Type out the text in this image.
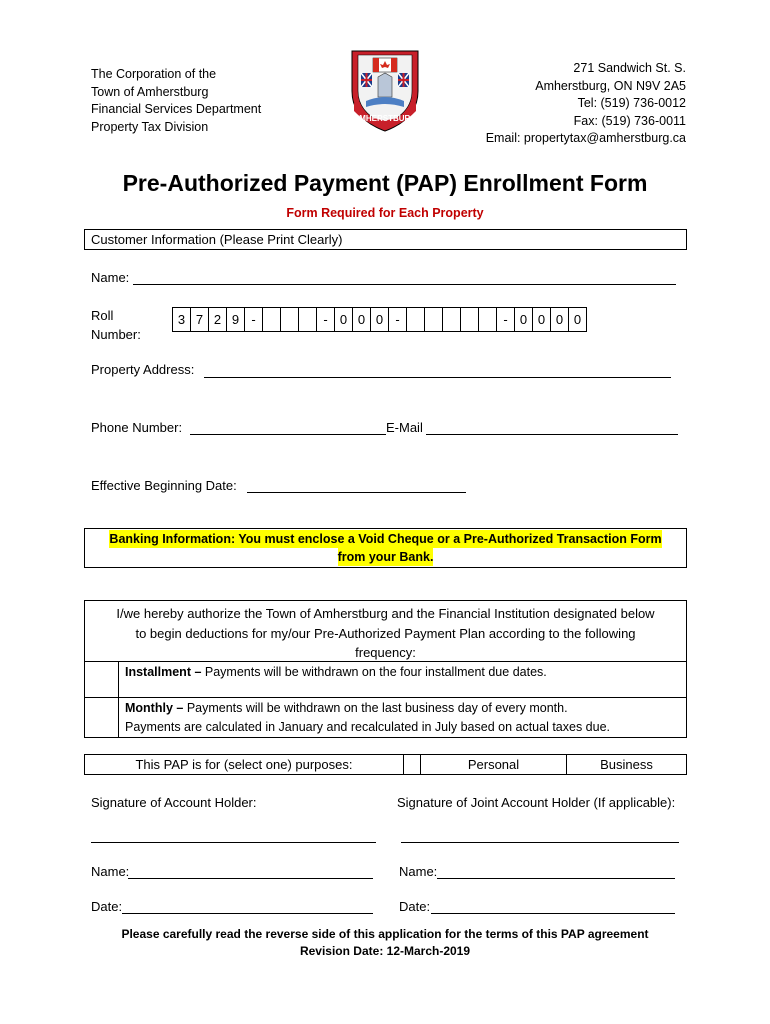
The Corporation of the
Town of Amherstburg
Financial Services Department
Property Tax Division
AMHERSTBURG
271 Sandwich St. S.
Amherstburg, ON N9V 2A5
Tel: (519) 736-0012
Fax: (519) 736-0011
Email: propertytax@amherstburg.ca
Pre-Authorized Payment (PAP) Enrollment Form
Form Required for Each Property
Customer Information (Please Print Clearly)
Name:
Roll
Number:
3	7	2	9	-				-	0	0	0	-						-	0	0	0	0
Property Address:
Phone Number:	E-Mail
Effective Beginning Date:
Banking Information: You must enclose a Void Cheque or a Pre-Authorized Transaction Form
from your Bank.
I/we hereby authorize the Town of Amherstburg and the Financial Institution designated below
to begin deductions for my/our Pre-Authorized Payment Plan according to the following
frequency:
Installment – Payments will be withdrawn on the four installment due dates.
Monthly – Payments will be withdrawn on the last business day of every month.
Payments are calculated in January and recalculated in July based on actual taxes due.
This PAP is for (select one) purposes:	Personal	Business
Signature of Account Holder:	Signature of Joint Account Holder (If applicable):
Name:	Name:
Date:	Date:
Please carefully read the reverse side of this application for the terms of this PAP agreement
Revision Date: 12-March-2019
